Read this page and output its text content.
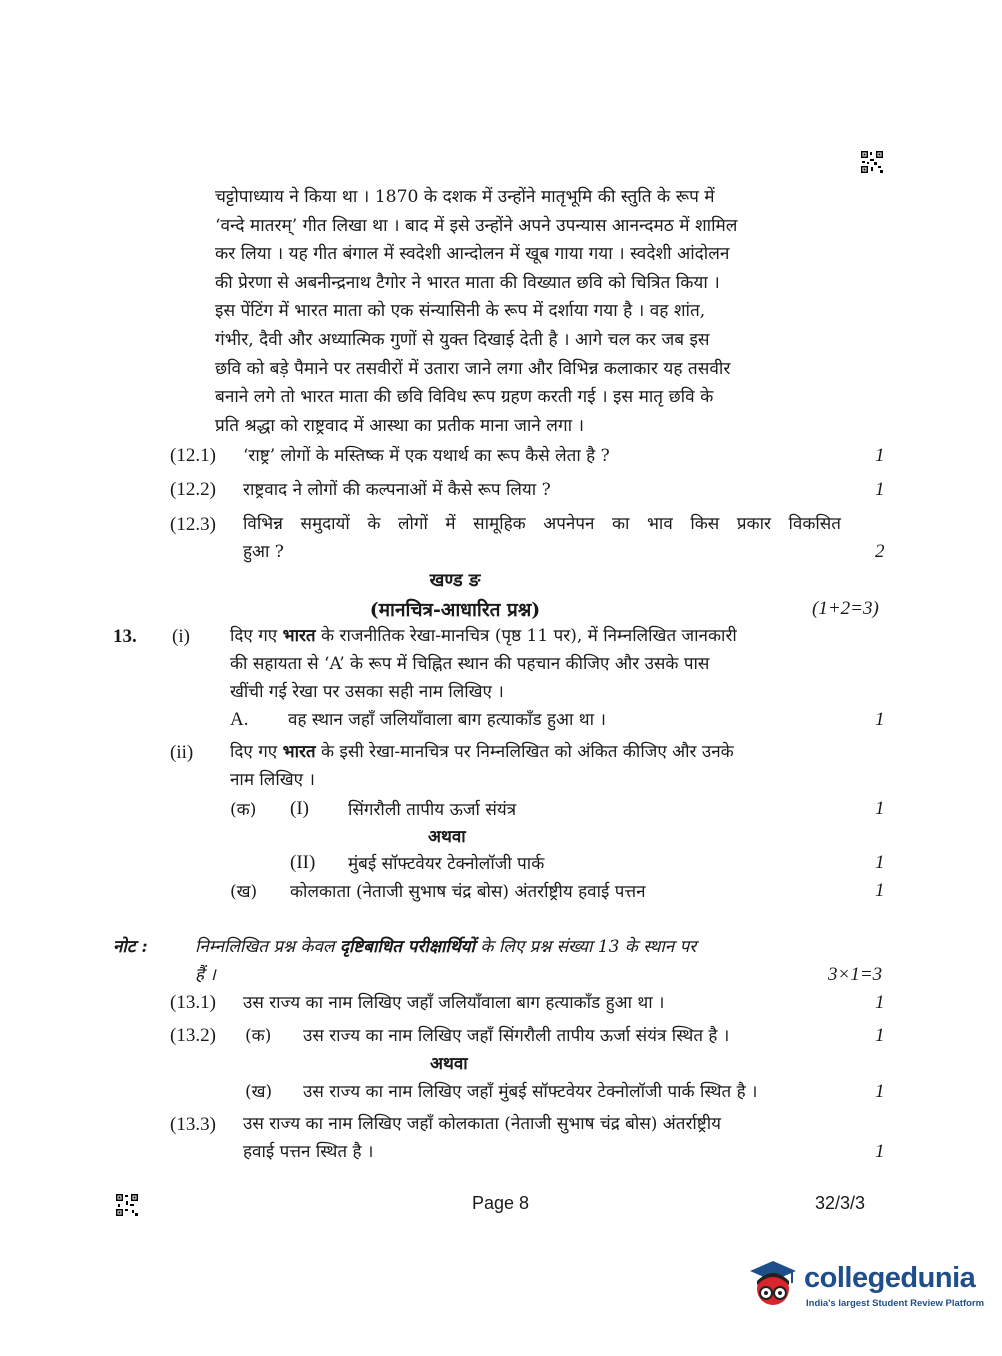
चट्टोपाध्याय ने किया था । 1870 के दशक में उन्होंने मातृभूमि की स्तुति के रूप में
‘वन्दे मातरम्’ गीत लिखा था । बाद में इसे उन्होंने अपने उपन्यास आनन्दमठ में शामिल
कर लिया । यह गीत बंगाल में स्वदेशी आन्दोलन में खूब गाया गया । स्वदेशी आंदोलन
की प्रेरणा से अबनीन्द्रनाथ टैगोर ने भारत माता की विख्यात छवि को चित्रित किया ।
इस पेंटिंग में भारत माता को एक संन्यासिनी के रूप में दर्शाया गया है । वह शांत,
गंभीर, दैवी और अध्यात्मिक गुणों से युक्त दिखाई देती है । आगे चल कर जब इस
छवि को बड़े पैमाने पर तसवीरों में उतारा जाने लगा और विभिन्न कलाकार यह तसवीर
बनाने लगे तो भारत माता की छवि विविध रूप ग्रहण करती गई । इस मातृ छवि के
प्रति श्रद्धा को राष्ट्रवाद में आस्था का प्रतीक माना जाने लगा ।
(12.1) ‘राष्ट्र’ लोगों के मस्तिष्क में एक यथार्थ का रूप कैसे लेता है ?	1
(12.2) राष्ट्रवाद ने लोगों की कल्पनाओं में कैसे रूप लिया ?	1
(12.3) विभिन्न समुदायों के लोगों में सामूहिक अपनेपन का भाव किस प्रकार विकसित
हुआ ?	2
खण्ड ङ
(मानचित्र-आधारित प्रश्न)	(1+2=3)
13. (i) दिए गए भारत के राजनीतिक रेखा-मानचित्र (पृष्ठ 11 पर), में निम्नलिखित जानकारी
की सहायता से ‘A’ के रूप में चिह्नित स्थान की पहचान कीजिए और उसके पास
खींची गई रेखा पर उसका सही नाम लिखिए ।
A. वह स्थान जहाँ जलियाँवाला बाग हत्याकाँड हुआ था ।	1
(ii) दिए गए भारत के इसी रेखा-मानचित्र पर निम्नलिखित को अंकित कीजिए और उनके
नाम लिखिए ।
(क) (I) सिंगरौली तापीय ऊर्जा संयंत्र	1
अथवा
(II) मुंबई सॉफ्टवेयर टेक्नोलॉजी पार्क	1
(ख) कोलकाता (नेताजी सुभाष चंद्र बोस) अंतर्राष्ट्रीय हवाई पत्तन	1
नोट :	निम्नलिखित प्रश्न केवल दृष्टिबाधित परीक्षार्थियों के लिए प्रश्न संख्या 13 के स्थान पर
हैं ।	3×1=3
(13.1) उस राज्य का नाम लिखिए जहाँ जलियाँवाला बाग हत्याकाँड हुआ था ।	1
(13.2) (क) उस राज्य का नाम लिखिए जहाँ सिंगरौली तापीय ऊर्जा संयंत्र स्थित है ।	1
अथवा
(ख) उस राज्य का नाम लिखिए जहाँ मुंबई सॉफ्टवेयर टेक्नोलॉजी पार्क स्थित है ।	1
(13.3) उस राज्य का नाम लिखिए जहाँ कोलकाता (नेताजी सुभाष चंद्र बोस) अंतर्राष्ट्रीय
हवाई पत्तन स्थित है ।	1
Page 8	32/3/3
collegedunia
India's largest Student Review Platform
